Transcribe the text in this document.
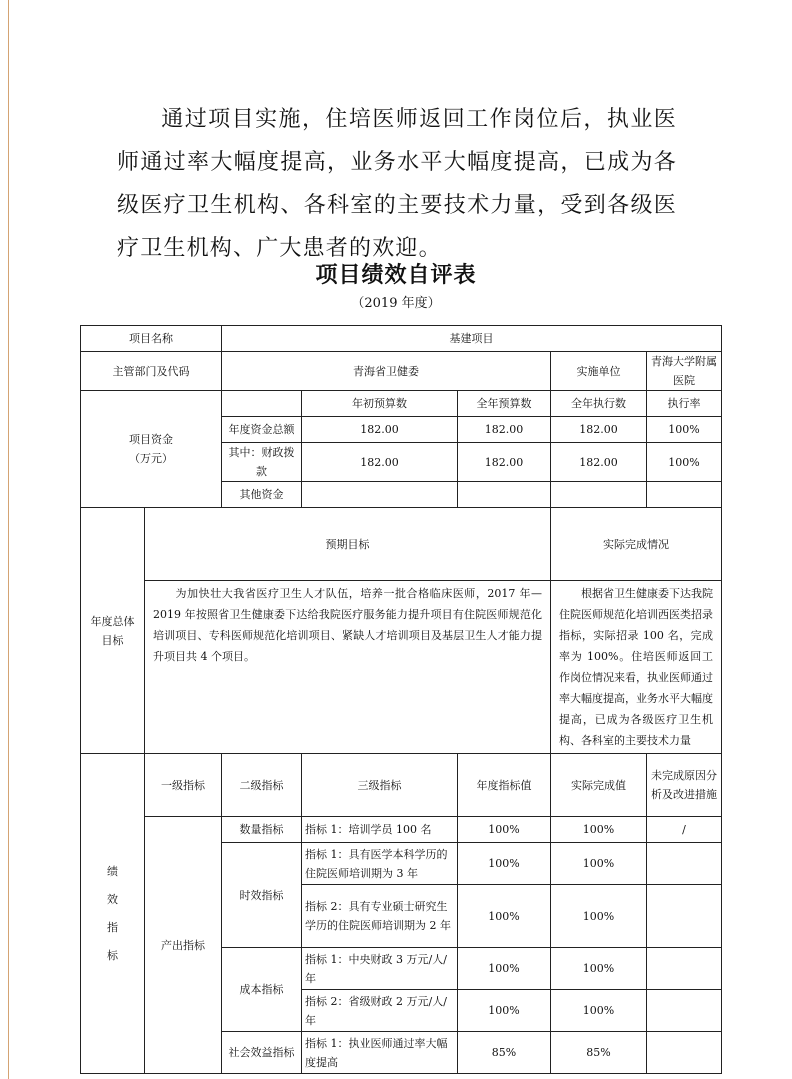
通过项目实施，住培医师返回工作岗位后，执业医师通过率大幅度提高，业务水平大幅度提高，已成为各级医疗卫生机构、各科室的主要技术力量，受到各级医疗卫生机构、广大患者的欢迎。
项目绩效自评表
（2019 年度）
项目名称		基建项目				
主管部门及代码		青海省卫健委			实施单位	青海大学附属医院

项目资金
（万元）			年初预算数	全年预算数	全年执行数	执行率
		年度资金总额	182.00	182.00	182.00	100%
		其中：财政拨款	182.00	182.00	182.00	100%
		其他资金				

年度总体
目标	预期目标				实际完成情况	
	为加快壮大我省医疗卫生人才队伍，培养一批合格临床医师，2017 年—2019 年按照省卫生健康委下达给我院医疗服务能力提升项目有住院医师规范化培训项目、专科医师规范化培训项目、紧缺人才培训项目及基层卫生人才能力提升项目共 4 个项目。				根据省卫生健康委下达我院住院医师规范化培训西医类招录指标，实际招录 100 名，完成率为 100%。住培医师返回工作岗位情况来看，执业医师通过率大幅度提高，业务水平大幅度提高，已成为各级医疗卫生机构、各科室的主要技术力量	

绩
效
指
标	一级指标	二级指标	三级指标	年度指标值	实际完成值	未完成原因分析及改进措施
	产出指标	数量指标	指标 1：培训学员 100 名	100%	100%	/
		时效指标	指标 1：具有医学本科学历的住院医师培训期为 3 年	100%	100%	
			指标 2：具有专业硕士研究生学历的住院医师培训期为 2 年	100%	100%	
		成本指标	指标 1：中央财政 3 万元/人/年	100%	100%	
			指标 2：省级财政 2 万元/人/年	100%	100%	
		社会效益指标	指标 1：执业医师通过率大幅度提高	85%	85%	
